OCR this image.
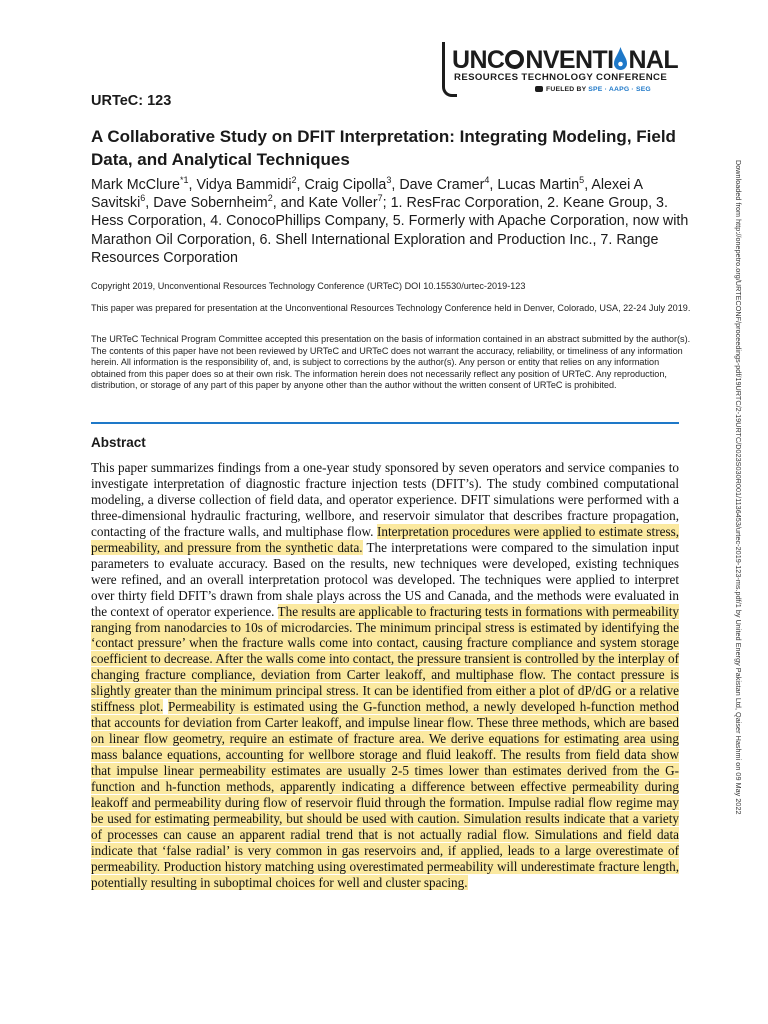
UNC NVENTI NAL
RESOURCES TECHNOLOGY CONFERENCE
FUELED BY SPE · AAPG · SEG
URTeC: 123
A Collaborative Study on DFIT Interpretation: Integrating Modeling, Field Data, and Analytical Techniques
Mark McClure$^{*1}$, Vidya Bammidi$^2$, Craig Cipolla$^3$, Dave Cramer$^4$, Lucas Martin$^5$, Alexei A Savitski$^6$, Dave Sobernheim$^2$, and Kate Voller$^7$; 1. ResFrac Corporation, 2. Keane Group, 3. Hess Corporation, 4. ConocoPhillips Company, 5. Formerly with Apache Corporation, now with Marathon Oil Corporation, 6. Shell International Exploration and Production Inc., 7. Range Resources Corporation
Copyright 2019, Unconventional Resources Technology Conference (URTeC) DOI 10.15530/urtec-2019-123
This paper was prepared for presentation at the Unconventional Resources Technology Conference held in Denver, Colorado, USA, 22-24 July 2019.
The URTeC Technical Program Committee accepted this presentation on the basis of information contained in an abstract submitted by the author(s). The contents of this paper have not been reviewed by URTeC and URTeC does not warrant the accuracy, reliability, or timeliness of any information herein. All information is the responsibility of, and, is subject to corrections by the author(s). Any person or entity that relies on any information obtained from this paper does so at their own risk. The information herein does not necessarily reflect any position of URTeC. Any reproduction, distribution, or storage of any part of this paper by anyone other than the author without the written consent of URTeC is prohibited.
Abstract
This paper summarizes findings from a one-year study sponsored by seven operators and service companies to investigate interpretation of diagnostic fracture injection tests (DFIT’s). The study combined computational modeling, a diverse collection of field data, and operator experience. DFIT simulations were performed with a three-dimensional hydraulic fracturing, wellbore, and reservoir simulator that describes fracture propagation, contacting of the fracture walls, and multiphase flow. Interpretation procedures were applied to estimate stress, permeability, and pressure from the synthetic data. The interpretations were compared to the simulation input parameters to evaluate accuracy. Based on the results, new techniques were developed, existing techniques were refined, and an overall interpretation protocol was developed. The techniques were applied to interpret over thirty field DFIT’s drawn from shale plays across the US and Canada, and the methods were evaluated in the context of operator experience. The results are applicable to fracturing tests in formations with permeability ranging from nanodarcies to 10s of microdarcies. The minimum principal stress is estimated by identifying the ‘contact pressure’ when the fracture walls come into contact, causing fracture compliance and system storage coefficient to decrease. After the walls come into contact, the pressure transient is controlled by the interplay of changing fracture compliance, deviation from Carter leakoff, and multiphase flow. The contact pressure is slightly greater than the minimum principal stress. It can be identified from either a plot of dP/dG or a relative stiffness plot. Permeability is estimated using the G-function method, a newly developed h-function method that accounts for deviation from Carter leakoff, and impulse linear flow. These three methods, which are based on linear flow geometry, require an estimate of fracture area. We derive equations for estimating area using mass balance equations, accounting for wellbore storage and fluid leakoff. The results from field data show that impulse linear permeability estimates are usually 2-5 times lower than estimates derived from the G-function and h-function methods, apparently indicating a difference between effective permeability during leakoff and permeability during flow of reservoir fluid through the formation. Impulse radial flow regime may be used for estimating permeability, but should be used with caution. Simulation results indicate that a variety of processes can cause an apparent radial trend that is not actually radial flow. Simulations and field data indicate that ‘false radial’ is very common in gas reservoirs and, if applied, leads to a large overestimate of permeability. Production history matching using overestimated permeability will underestimate fracture length, potentially resulting in suboptimal choices for well and cluster spacing.
Downloaded from http://onepetro.org/URTECONF/proceedings-pdf/19URTC/2-19URTC/D023S030R001/1136453/urtec-2019-123-ms.pdf/1 by United Energy Pakistan Ltd, Qaiser Hashmi on 09 May 2022
